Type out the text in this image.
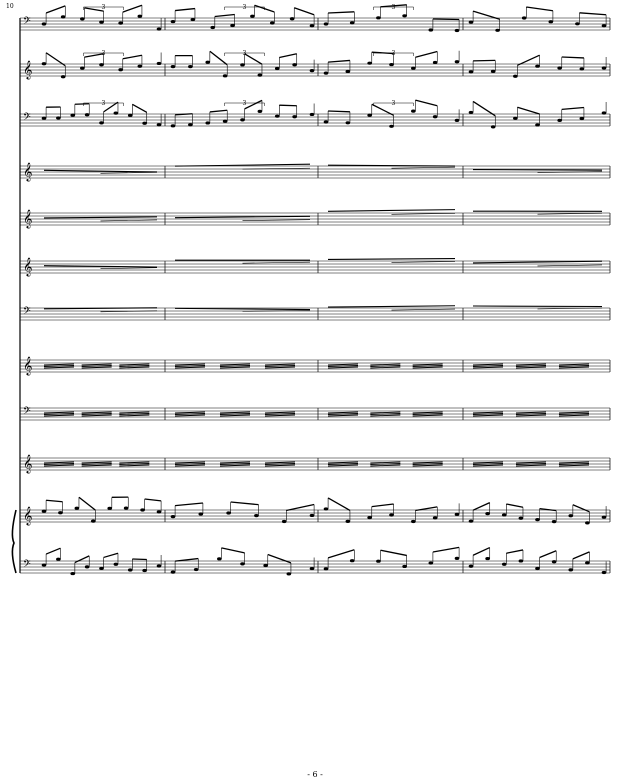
10
𝄢
3	3	3
𝄞
3	3	3
𝄢
3	3	3
𝄞
𝄞
𝄞
𝄢
𝄞
𝄢
𝄞
𝄞
𝄢
- 6 -
